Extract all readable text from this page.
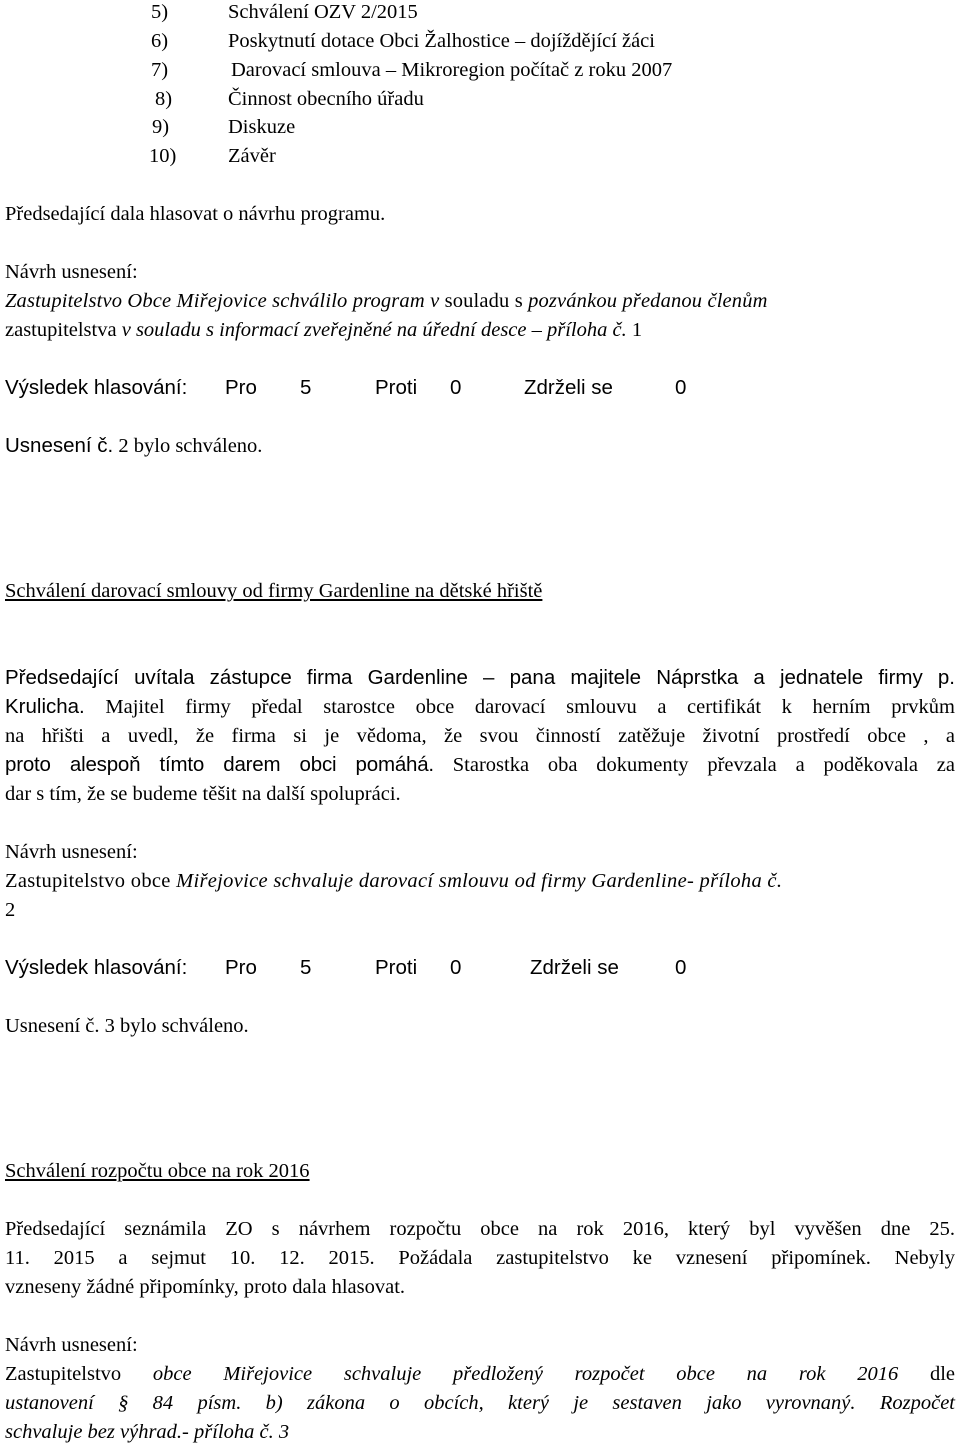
5)	Schválení OZV 2/2015
6)	Poskytnutí dotace Obci Žalhostice – dojíždějící žáci
7)	Darovací smlouva – Mikroregion počítač z roku 2007
8)	Činnost obecního úřadu
9)	Diskuze
10)	Závěr
Předsedající dala hlasovat o návrhu programu.
Návrh usnesení:
Zastupitelstvo Obce Miřejovice schválilo program v souladu s pozvánkou předanou členům
zastupitelstva v souladu s informací zveřejněné na úřední desce – příloha č. 1
Výsledek hlasování: Pro 5	Proti 0	Zdrželi se	0
Usnesení č. 2 bylo schváleno.
Schválení darovací smlouvy od firmy Gardenline na dětské hřiště
Předsedající uvítala zástupce firma Gardenline – pana majitele Náprstka a jednatele firmy p.
Krulicha. Majitel firmy předal starostce obce darovací smlouvu a certifikát k herním prvkům
na hřišti a uvedl, že firma si je vědoma, že svou činností zatěžuje životní prostředí obce , a
proto alespoň tímto darem obci pomáhá. Starostka oba dokumenty převzala a poděkovala za
dar s tím, že se budeme těšit na další spolupráci.
Návrh usnesení:
Zastupitelstvo obce Miřejovice schvaluje darovací smlouvu od firmy Gardenline- příloha č.
2
Výsledek hlasování: Pro 5	Proti 0	Zdrželi se	0
Usnesení č. 3 bylo schváleno.
Schválení rozpočtu obce na rok 2016
Předsedající seznámila ZO s návrhem rozpočtu obce na rok 2016, který byl vyvěšen dne 25.
11. 2015 a sejmut 10. 12. 2015. Požádala zastupitelstvo ke vznesení připomínek. Nebyly
vzneseny žádné připomínky, proto dala hlasovat.
Návrh usnesení:
Zastupitelstvo obce Miřejovice schvaluje předložený rozpočet obce na rok 2016 dle
ustanovení § 84 písm. b) zákona o obcích, který je sestaven jako vyrovnaný. Rozpočet
schvaluje bez výhrad.- příloha č. 3
